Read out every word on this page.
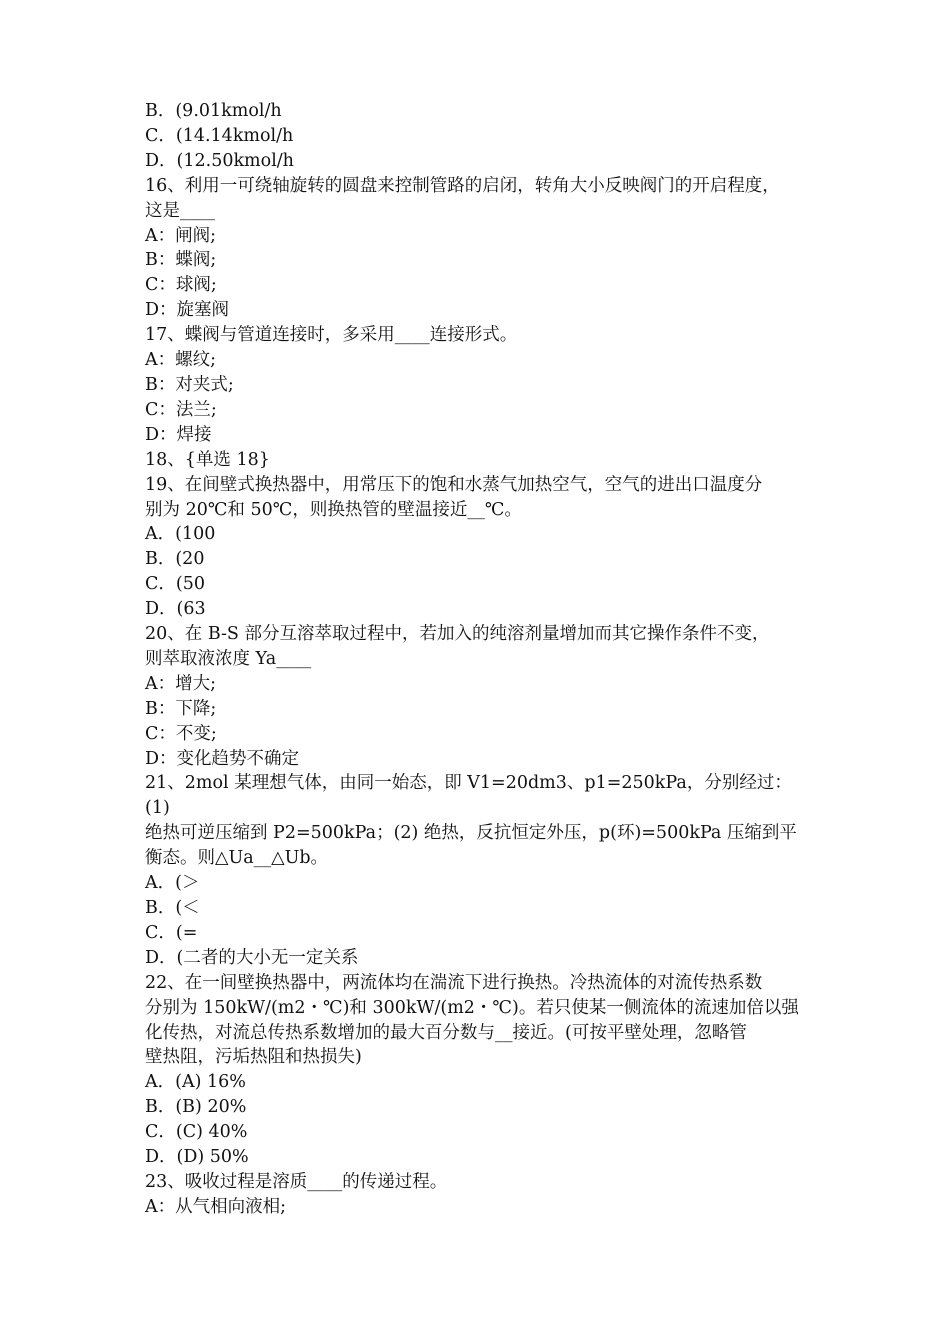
B．(9.01kmol/h

C．(14.14kmol/h

D．(12.50kmol/h

16、利用一可绕轴旋转的圆盘来控制管路的启闭，转角大小反映阀门的开启程度，

这是____

A：闸阀;

B：蝶阀;

C：球阀;

D：旋塞阀

17、蝶阀与管道连接时，多采用____连接形式。

A：螺纹;

B：对夹式;

C：法兰;

D：焊接

18、{单选 18}

19、在间壁式换热器中，用常压下的饱和水蒸气加热空气，空气的进出口温度分

别为 20℃和 50℃，则换热管的壁温接近__℃。

A．(100

B．(20

C．(50

D．(63

20、在 B-S 部分互溶萃取过程中，若加入的纯溶剂量增加而其它操作条件不变，

则萃取液浓度 Ya____

A：增大;

B：下降;

C：不变;

D：变化趋势不确定

21、2mol 某理想气体，由同一始态，即 V1=20dm3、p1=250kPa，分别经过：(1)

绝热可逆压缩到 P2=500kPa；(2) 绝热，反抗恒定外压，p(环)=500kPa 压缩到平

衡态。则△Ua__△Ub。

A．(＞

B．(＜

C．(=

D．(二者的大小无一定关系

22、在一间壁换热器中，两流体均在湍流下进行换热。冷热流体的对流传热系数

分别为 150kW/(m2・℃)和 300kW/(m2・℃)。若只使某一侧流体的流速加倍以强

化传热，对流总传热系数增加的最大百分数与__接近。(可按平壁处理，忽略管

壁热阻，污垢热阻和热损失)

A．(A) 16%

B．(B) 20%

C．(C) 40%

D．(D) 50%

23、吸收过程是溶质____的传递过程。

A：从气相向液相;
